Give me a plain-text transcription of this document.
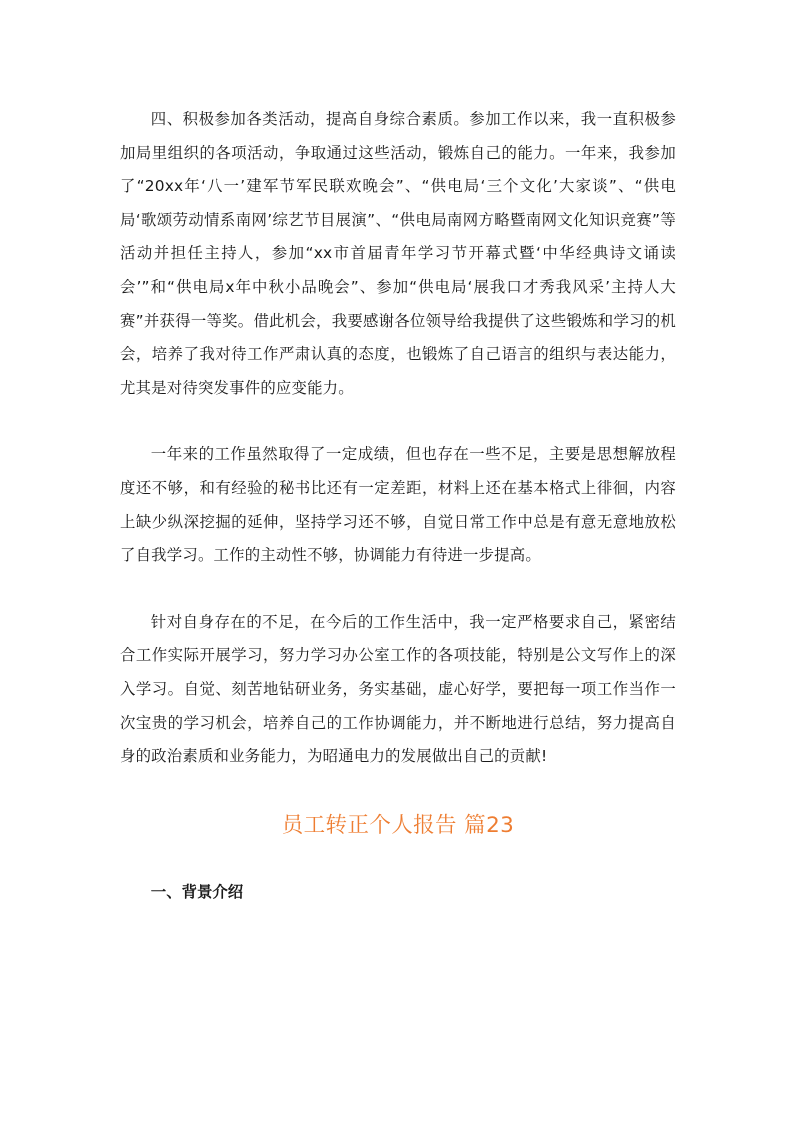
四、积极参加各类活动，提高自身综合素质。参加工作以来，我一直积极参加局里组织的各项活动，争取通过这些活动，锻炼自己的能力。一年来，我参加了“20xx年‘八一’建军节军民联欢晚会”、“供电局‘三个文化’大家谈”、“供电局‘歌颂劳动情系南网’综艺节目展演”、“供电局南网方略暨南网文化知识竞赛”等活动并担任主持人，参加“xx市首届青年学习节开幕式暨‘中华经典诗文诵读会’”和“供电局x年中秋小品晚会”、参加“供电局‘展我口才秀我风采’主持人大赛”并获得一等奖。借此机会，我要感谢各位领导给我提供了这些锻炼和学习的机会，培养了我对待工作严肃认真的态度，也锻炼了自己语言的组织与表达能力，尤其是对待突发事件的应变能力。

一年来的工作虽然取得了一定成绩，但也存在一些不足，主要是思想解放程度还不够，和有经验的秘书比还有一定差距，材料上还在基本格式上徘徊，内容上缺少纵深挖掘的延伸，坚持学习还不够，自觉日常工作中总是有意无意地放松了自我学习。工作的主动性不够，协调能力有待进一步提高。

针对自身存在的不足，在今后的工作生活中，我一定严格要求自己，紧密结合工作实际开展学习，努力学习办公室工作的各项技能，特别是公文写作上的深入学习。自觉、刻苦地钻研业务，务实基础，虚心好学，要把每一项工作当作一次宝贵的学习机会，培养自己的工作协调能力，并不断地进行总结，努力提高自身的政治素质和业务能力，为昭通电力的发展做出自己的贡献!

员工转正个人报告 篇23

一、背景介绍
